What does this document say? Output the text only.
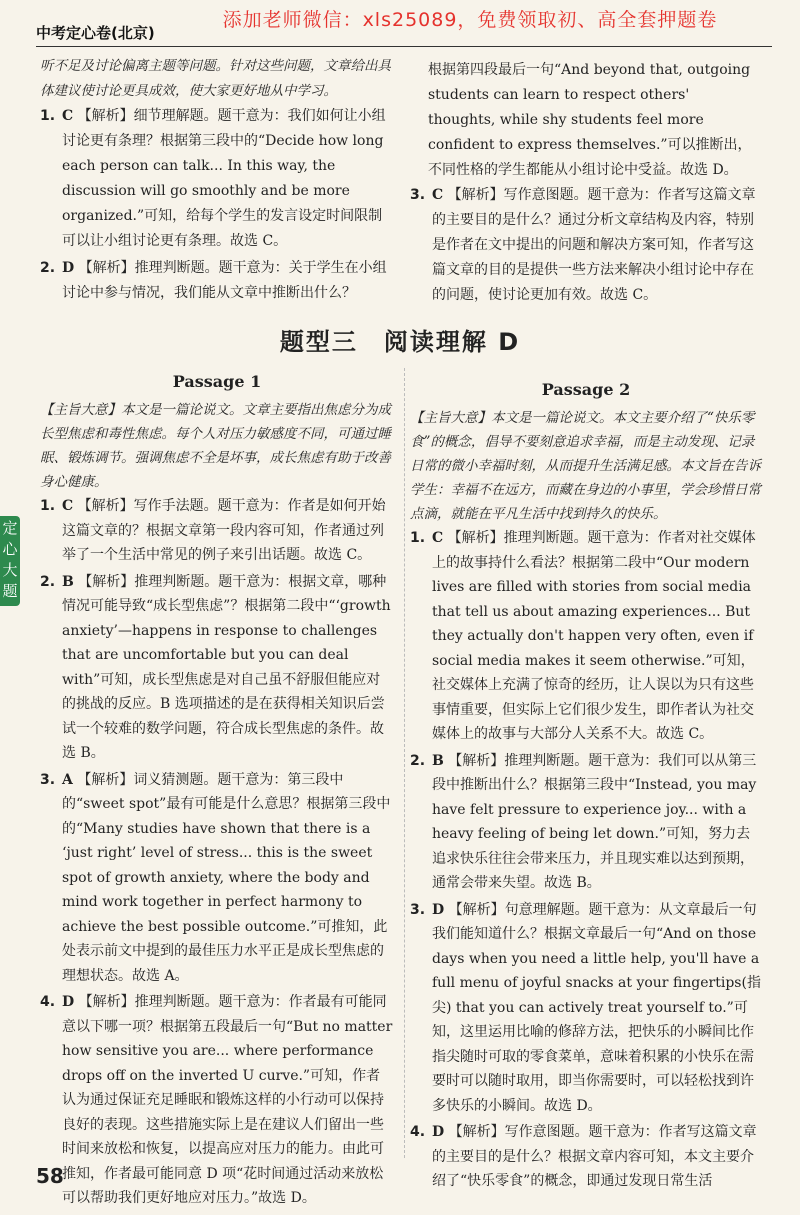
添加老师微信：xls25089，免费领取初、高全套押题卷
中考定心卷(北京)

听不足及讨论偏离主题等问题。针对这些问题，文章给出具体建议使讨论更具成效，使大家更好地从中学习。

1. C 【解析】细节理解题。题干意为：我们如何让小组讨论更有条理？根据第三段中的“Decide how long each person can talk... In this way, the discussion will go smoothly and be more organized.”可知，给每个学生的发言设定时间限制可以让小组讨论更有条理。故选 C。
2. D 【解析】推理判断题。题干意为：关于学生在小组讨论中参与情况，我们能从文章中推断出什么？

根据第四段最后一句“And beyond that, outgoing students can learn to respect others' thoughts, while shy students feel more confident to express themselves.”可以推断出，不同性格的学生都能从小组讨论中受益。故选 D。

3. C 【解析】写作意图题。题干意为：作者写这篇文章的主要目的是什么？通过分析文章结构及内容，特别是作者在文中提出的问题和解决方案可知，作者写这篇文章的目的是提供一些方法来解决小组讨论中存在的问题，使讨论更加有效。故选 C。
题型三　阅读理解 D
定心大题
Passage 1

【主旨大意】本文是一篇论说文。文章主要指出焦虑分为成长型焦虑和毒性焦虑。每个人对压力敏感度不同，可通过睡眠、锻炼调节。强调焦虑不全是坏事，成长焦虑有助于改善身心健康。

1. C 【解析】写作手法题。题干意为：作者是如何开始这篇文章的？根据文章第一段内容可知，作者通过列举了一个生活中常见的例子来引出话题。故选 C。
2. B 【解析】推理判断题。题干意为：根据文章，哪种情况可能导致“成长型焦虑”？根据第二段中“‘growth anxiety’—happens in response to challenges that are uncomfortable but you can deal with”可知，成长型焦虑是对自己虽不舒服但能应对的挑战的反应。B 选项描述的是在获得相关知识后尝试一个较难的数学问题，符合成长型焦虑的条件。故选 B。
3. A 【解析】词义猜测题。题干意为：第三段中的“sweet spot”最有可能是什么意思？根据第三段中的“Many studies have shown that there is a ‘just right’ level of stress... this is the sweet spot of growth anxiety, where the body and mind work together in perfect harmony to achieve the best possible outcome.”可推知，此处表示前文中提到的最佳压力水平正是成长型焦虑的理想状态。故选 A。
4. D 【解析】推理判断题。题干意为：作者最有可能同意以下哪一项？根据第五段最后一句“But no matter how sensitive you are... where performance drops off on the inverted U curve.”可知，作者认为通过保证充足睡眠和锻炼这样的小行动可以保持良好的表现。这些措施实际上是在建议人们留出一些时间来放松和恢复，以提高应对压力的能力。由此可推知，作者最可能同意 D 项“花时间通过活动来放松可以帮助我们更好地应对压力。”故选 D。
Passage 2

【主旨大意】本文是一篇论说文。本文主要介绍了“快乐零食”的概念，倡导不要刻意追求幸福，而是主动发现、记录日常的微小幸福时刻，从而提升生活满足感。本文旨在告诉学生：幸福不在远方，而藏在身边的小事里，学会珍惜日常点滴，就能在平凡生活中找到持久的快乐。

1. C 【解析】推理判断题。题干意为：作者对社交媒体上的故事持什么看法？根据第二段中“Our modern lives are filled with stories from social media that tell us about amazing experiences... But they actually don't happen very often, even if social media makes it seem otherwise.”可知，社交媒体上充满了惊奇的经历，让人误以为只有这些事情重要，但实际上它们很少发生，即作者认为社交媒体上的故事与大部分人关系不大。故选 C。
2. B 【解析】推理判断题。题干意为：我们可以从第三段中推断出什么？根据第三段中“Instead, you may have felt pressure to experience joy... with a heavy feeling of being let down.”可知，努力去追求快乐往往会带来压力，并且现实难以达到预期，通常会带来失望。故选 B。
3. D 【解析】句意理解题。题干意为：从文章最后一句我们能知道什么？根据文章最后一句“And on those days when you need a little help, you'll have a full menu of joyful snacks at your fingertips(指尖) that you can actively treat yourself to.”可知，这里运用比喻的修辞方法，把快乐的小瞬间比作指尖随时可取的零食菜单，意味着积累的小快乐在需要时可以随时取用，即当你需要时，可以轻松找到许多快乐的小瞬间。故选 D。
4. D 【解析】写作意图题。题干意为：作者写这篇文章的主要目的是什么？根据文章内容可知，本文主要介绍了“快乐零食”的概念，即通过发现日常生活
58
